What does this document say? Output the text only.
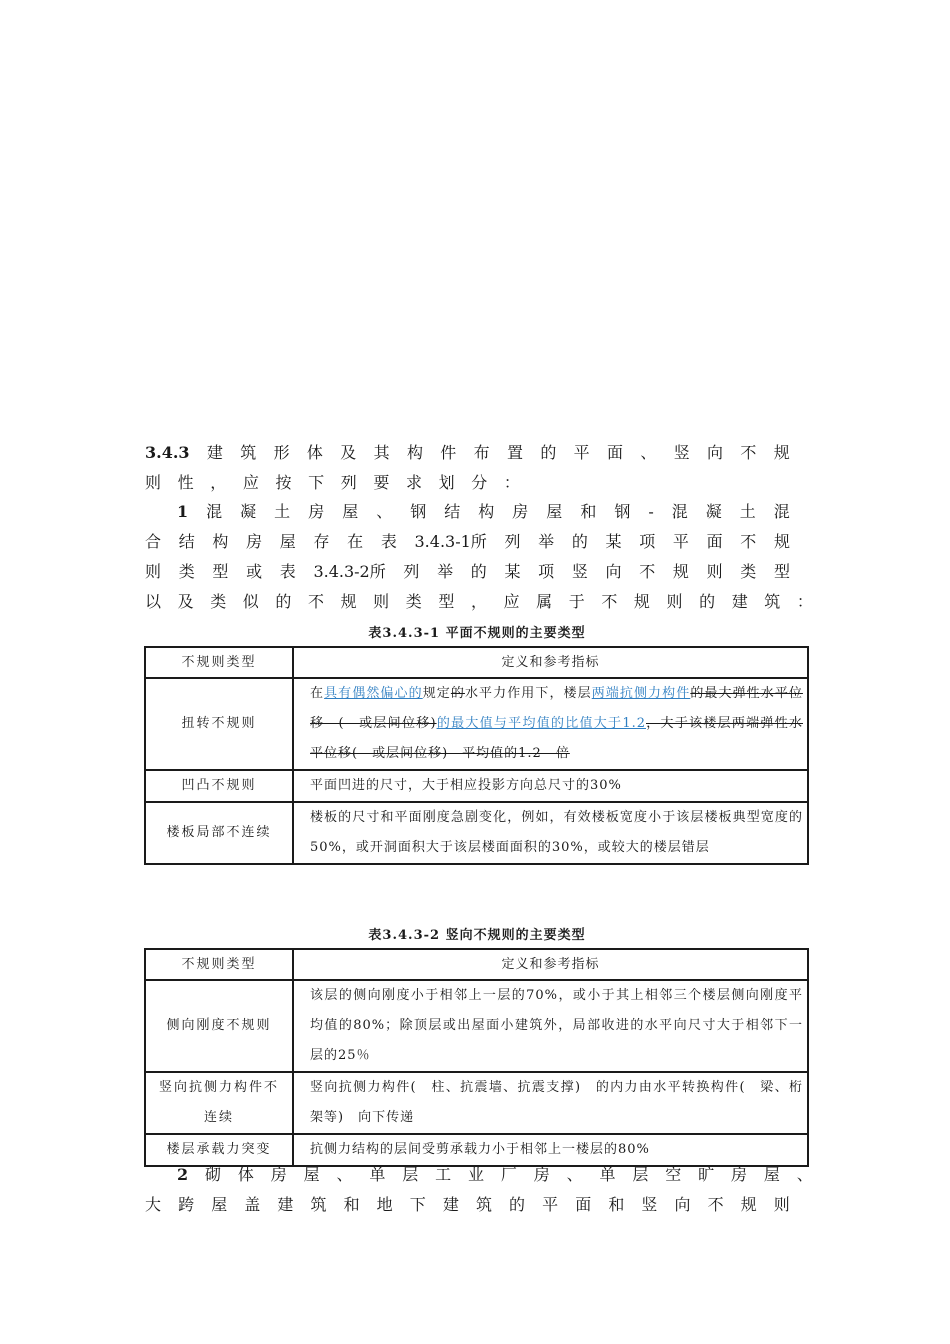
3.4.3 建 筑 形 体 及 其 构 件 布 置 的 平 面 、 竖 向 不 规
则 性 ， 应 按 下 列 要 求 划 分 ：
1 混 凝 土 房 屋 、 钢 结 构 房 屋 和 钢 - 混 凝 土 混
合 结 构 房 屋 存 在 表 3.4.3-1所 列 举 的 某 项 平 面 不 规
则 类 型 或 表 3.4.3-2所 列 举 的 某 项 竖 向 不 规 则 类 型
以 及 类 似 的 不 规 则 类 型 ， 应 属 于 不 规 则 的 建 筑 ：
表3.4.3-1 平面不规则的主要类型
不规则类型	定义和参考指标
扭转不规则	在具有偶然偏心的规定的水平力作用下，楼层两端抗侧力构件的最大弹性水平位移　(　或层间位移)的最大值与平均值的比值大于1.2，大于该楼层两端弹性水平位移(　或层间位移)　平均值的1.2　倍
凹凸不规则	平面凹进的尺寸，大于相应投影方向总尺寸的30%
楼板局部不连续	楼板的尺寸和平面刚度急剧变化，例如，有效楼板宽度小于该层楼板典型宽度的50%，或开洞面积大于该层楼面面积的30%，或较大的楼层错层
表3.4.3-2 竖向不规则的主要类型
不规则类型	定义和参考指标
侧向刚度不规则	该层的侧向刚度小于相邻上一层的70%，或小于其上相邻三个楼层侧向刚度平均值的80%；除顶层或出屋面小建筑外，局部收进的水平向尺寸大于相邻下一层的25％
竖向抗侧力构件不连续	竖向抗侧力构件(　柱、抗震墙、抗震支撑)　的内力由水平转换构件(　梁、桁架等)　向下传递
楼层承载力突变	抗侧力结构的层间受剪承载力小于相邻上一楼层的80%
2 砌 体 房 屋 、 单 层 工 业 厂 房 、 单 层 空 旷 房 屋 、
大 跨 屋 盖 建 筑 和 地 下 建 筑 的 平 面 和 竖 向 不 规 则
